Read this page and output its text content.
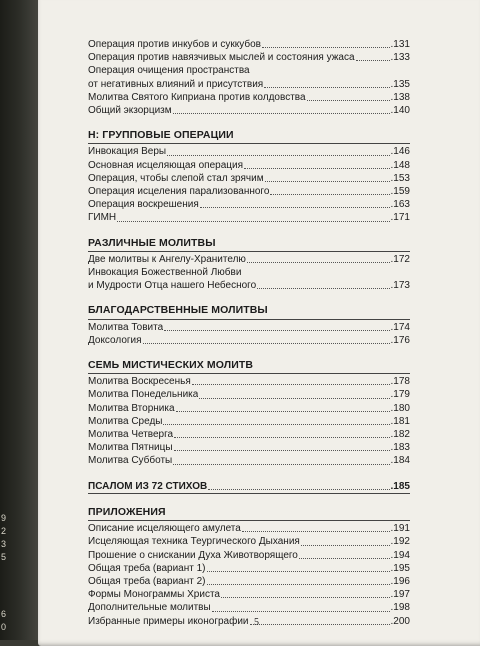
9
2
3
5
6
0
Операция против инкубов и суккубов	.131
Операция против навязчивых мыслей и состояния ужаса	.133
Операция очищения пространства
от негативных влияний и присутствия	.135
Молитва Святого Киприана против колдовства	.138
Общий экзорцизм	.140
Н: ГРУППОВЫЕ ОПЕРАЦИИ
Инвокация Веры	.146
Основная исцеляющая операция	.148
Операция, чтобы слепой стал зрячим	.153
Операция исцеления парализованного	.159
Операция воскрешения	.163
ГИМН	.171
РАЗЛИЧНЫЕ МОЛИТВЫ
Две молитвы к Ангелу-Хранителю	.172
Инвокация Божественной Любви
и Мудрости Отца нашего Небесного	.173
БЛАГОДАРСТВЕННЫЕ МОЛИТВЫ
Молитва Товита	.174
Доксология	.176
СЕМЬ МИСТИЧЕСКИХ МОЛИТВ
Молитва Воскресенья	.178
Молитва Понедельника	.179
Молитва Вторника	.180
Молитва Среды	.181
Молитва Четверга	.182
Молитва Пятницы	.183
Молитва Субботы	.184
ПСАЛОМ ИЗ 72 СТИХОВ	.185
ПРИЛОЖЕНИЯ
Описание исцеляющего амулета	.191
Исцеляющая техника Теургического Дыхания	.192
Прошение о снискании Духа Животворящего	.194
Общая треба (вариант 1)	.195
Общая треба (вариант 2)	.196
Формы Монограммы Христа	.197
Дополнительные молитвы	.198
Избранные примеры иконографии	.200
5
